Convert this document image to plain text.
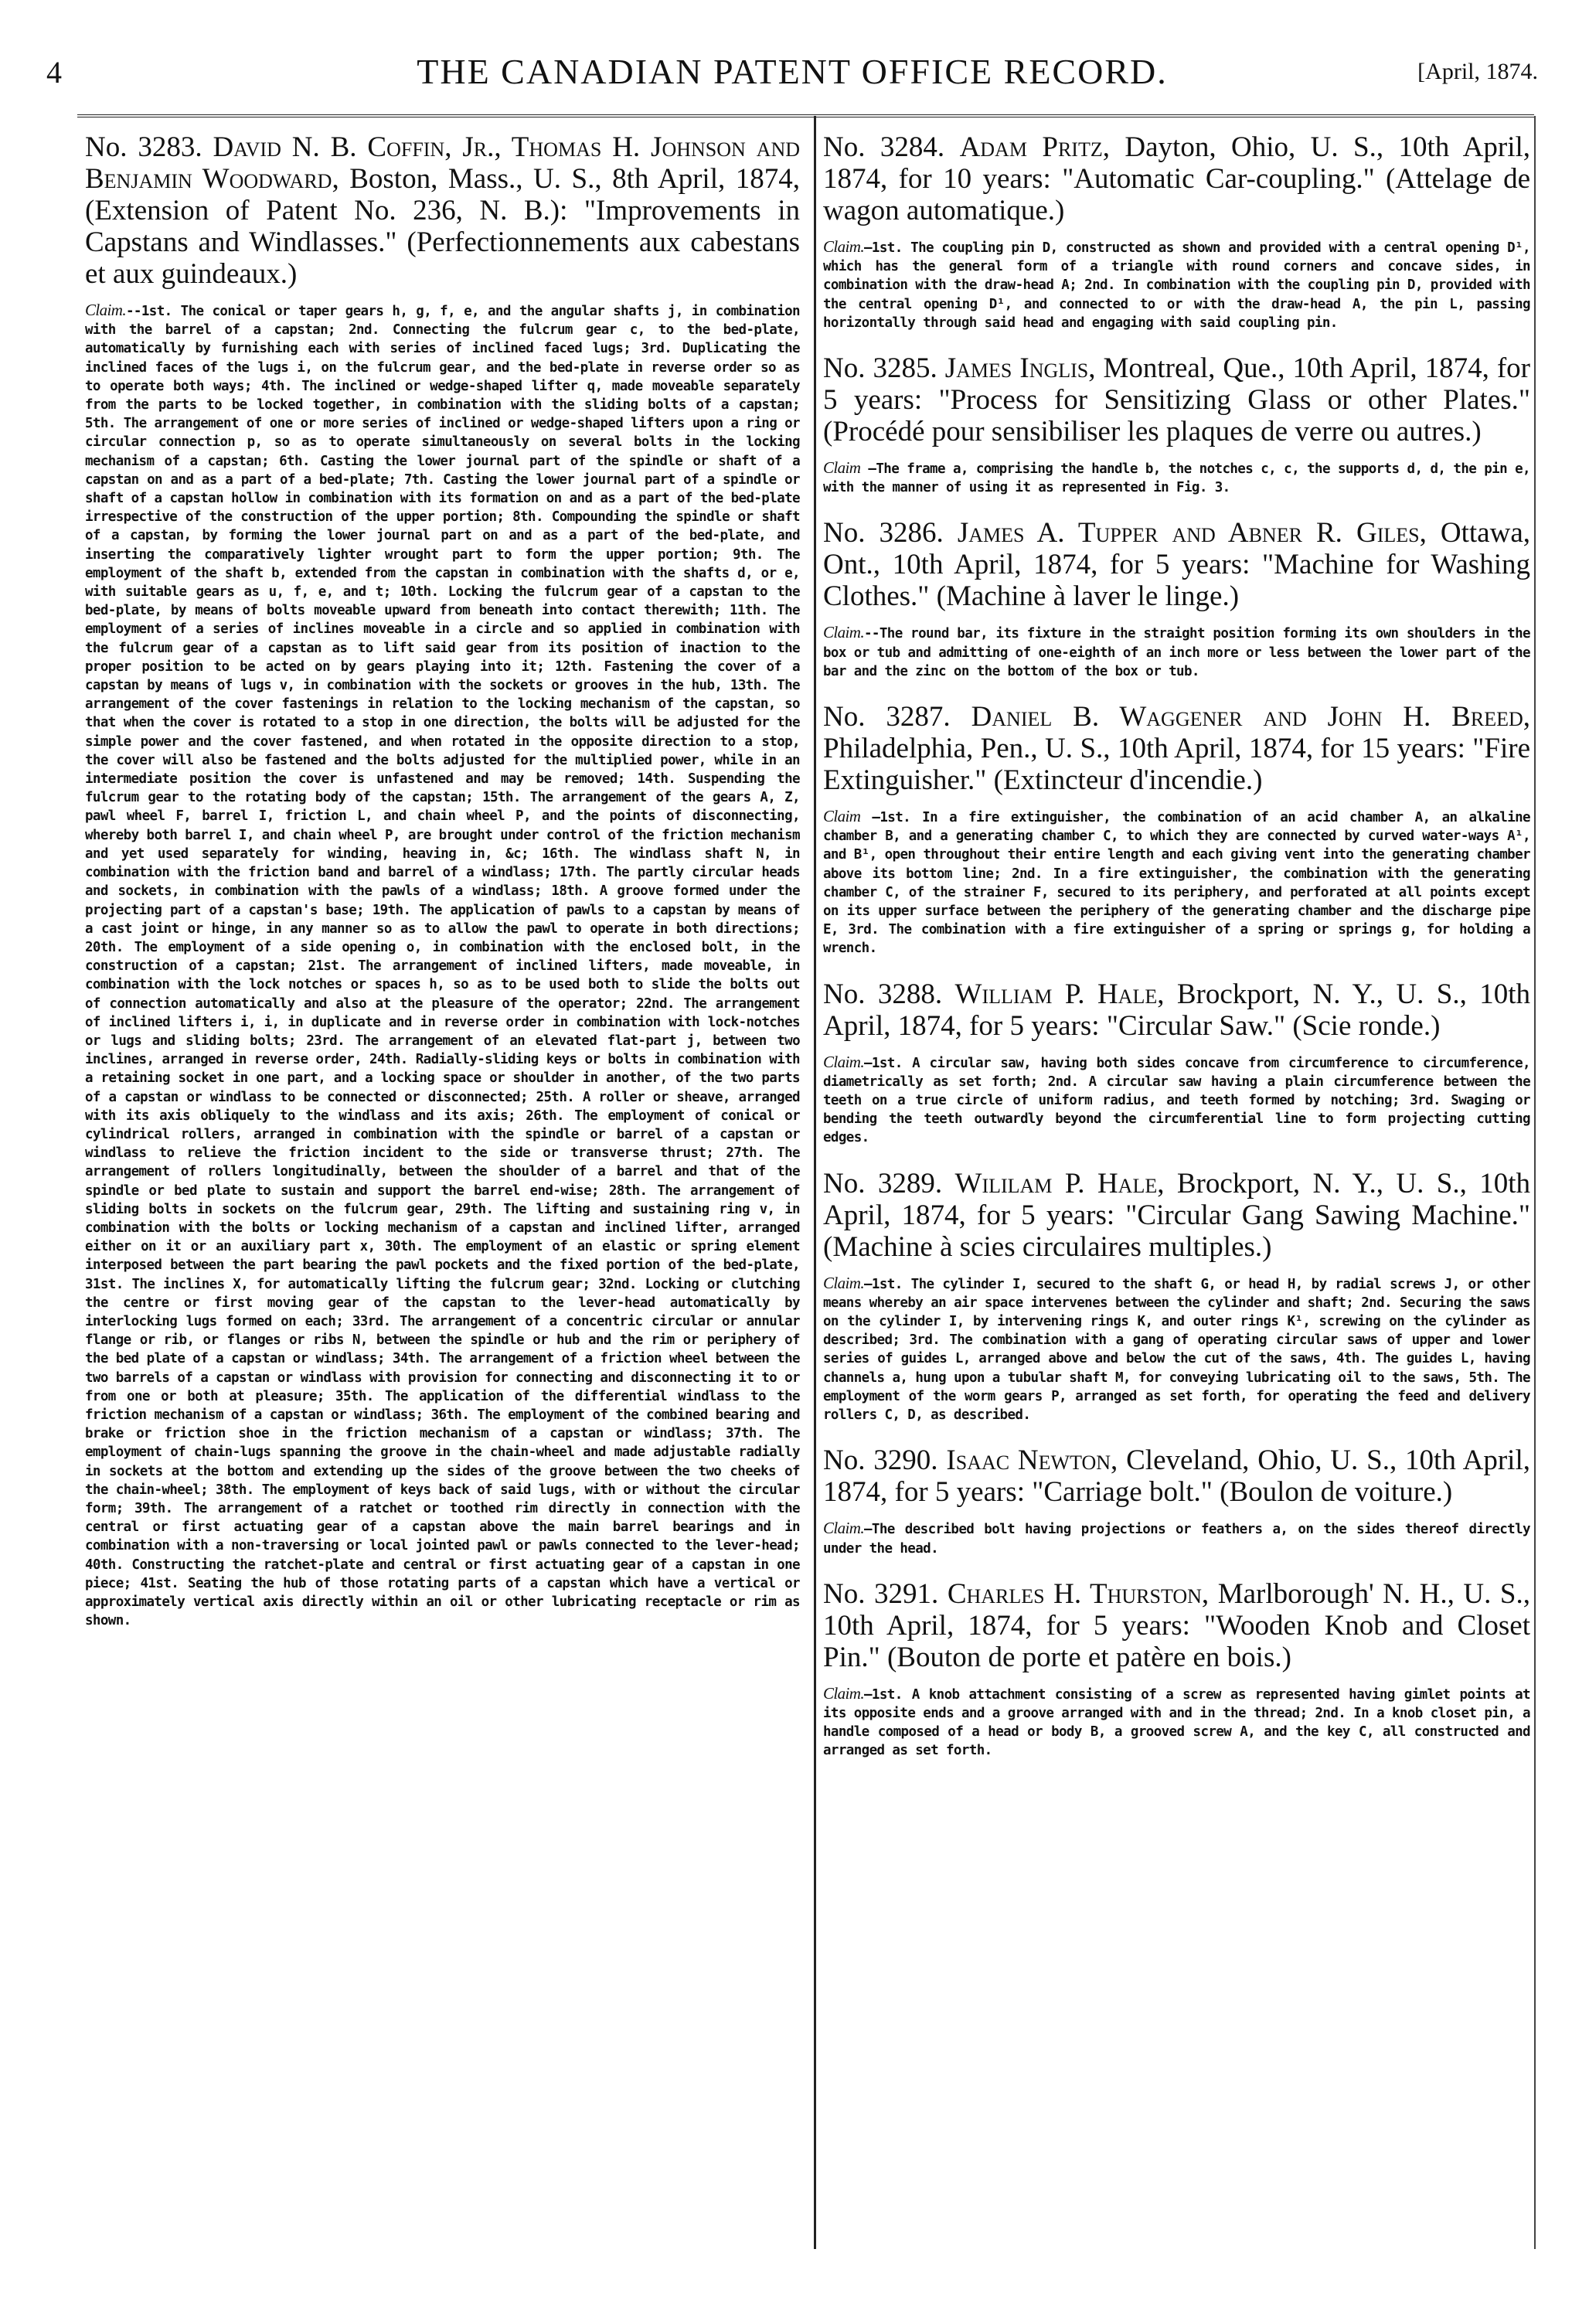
4	THE CANADIAN PATENT OFFICE RECORD.	[April, 1874.

No. 3283. David N. B. Coffin, Jr., Thomas H. Johnson and Benjamin Woodward, Boston, Mass., U. S., 8th April, 1874, (Extension of Patent No. 236, N. B.): "Improvements in Capstans and Windlasses." (Perfectionnements aux cabestans et aux guindeaux.)

Claim.--1st. The conical or taper gears h, g, f, e, and the angular shafts j, in combination with the barrel of a capstan; 2nd. Connecting the fulcrum gear c, to the bed-plate, automatically by furnishing each with series of inclined faced lugs; 3rd. Duplicating the inclined faces of the lugs i, on the fulcrum gear, and the bed-plate in reverse order so as to operate both ways; 4th. The inclined or wedge-shaped lifter q, made moveable separately from the parts to be locked together, in combination with the sliding bolts of a capstan; 5th. The arrangement of one or more series of inclined or wedge-shaped lifters upon a ring or circular connection p, so as to operate simultaneously on several bolts in the locking mechanism of a capstan; 6th. Casting the lower journal part of the spindle or shaft of a capstan on and as a part of a bed-plate; 7th. Casting the lower journal part of a spindle or shaft of a capstan hollow in combination with its formation on and as a part of the bed-plate irrespective of the construction of the upper portion; 8th. Compounding the spindle or shaft of a capstan, by forming the lower journal part on and as a part of the bed-plate, and inserting the comparatively lighter wrought part to form the upper portion; 9th. The employment of the shaft b, extended from the capstan in combination with the shafts d, or e, with suitable gears as u, f, e, and t; 10th. Locking the fulcrum gear of a capstan to the bed-plate, by means of bolts moveable upward from beneath into contact therewith; 11th. The employment of a series of inclines moveable in a circle and so applied in combination with the fulcrum gear of a capstan as to lift said gear from its position of inaction to the proper position to be acted on by gears playing into it; 12th. Fastening the cover of a capstan by means of lugs v, in combination with the sockets or grooves in the hub, 13th. The arrangement of the cover fastenings in relation to the locking mechanism of the capstan, so that when the cover is rotated to a stop in one direction, the bolts will be adjusted for the simple power and the cover fastened, and when rotated in the opposite direction to a stop, the cover will also be fastened and the bolts adjusted for the multiplied power, while in an intermediate position the cover is unfastened and may be removed; 14th. Suspending the fulcrum gear to the rotating body of the capstan; 15th. The arrangement of the gears A, Z, pawl wheel F, barrel I, friction L, and chain wheel P, and the points of disconnecting, whereby both barrel I, and chain wheel P, are brought under control of the friction mechanism and yet used separately for winding, heaving in, &c; 16th. The windlass shaft N, in combination with the friction band and barrel of a windlass; 17th. The partly circular heads and sockets, in combination with the pawls of a windlass; 18th. A groove formed under the projecting part of a capstan's base; 19th. The application of pawls to a capstan by means of a cast joint or hinge, in any manner so as to allow the pawl to operate in both directions; 20th. The employment of a side opening o, in combination with the enclosed bolt, in the construction of a capstan; 21st. The arrangement of inclined lifters, made moveable, in combination with the lock notches or spaces h, so as to be used both to slide the bolts out of connection automatically and also at the pleasure of the operator; 22nd. The arrangement of inclined lifters i, i, in duplicate and in reverse order in combination with lock-notches or lugs and sliding bolts; 23rd. The arrangement of an elevated flat-part j, between two inclines, arranged in reverse order, 24th. Radially-sliding keys or bolts in combination with a retaining socket in one part, and a locking space or shoulder in another, of the two parts of a capstan or windlass to be connected or disconnected; 25th. A roller or sheave, arranged with its axis obliquely to the windlass and its axis; 26th. The employment of conical or cylindrical rollers, arranged in combination with the spindle or barrel of a capstan or windlass to relieve the friction incident to the side or transverse thrust; 27th. The arrangement of rollers longitudinally, between the shoulder of a barrel and that of the spindle or bed plate to sustain and support the barrel end-wise; 28th. The arrangement of sliding bolts in sockets on the fulcrum gear, 29th. The lifting and sustaining ring v, in combination with the bolts or locking mechanism of a capstan and inclined lifter, arranged either on it or an auxiliary part x, 30th. The employment of an elastic or spring element interposed between the part bearing the pawl pockets and the fixed portion of the bed-plate, 31st. The inclines X, for automatically lifting the fulcrum gear; 32nd. Locking or clutching the centre or first moving gear of the capstan to the lever-head automatically by interlocking lugs formed on each; 33rd. The arrangement of a concentric circular or annular flange or rib, or flanges or ribs N, between the spindle or hub and the rim or periphery of the bed plate of a capstan or windlass; 34th. The arrangement of a friction wheel between the two barrels of a capstan or windlass with provision for connecting and disconnecting it to or from one or both at pleasure; 35th. The application of the differential windlass to the friction mechanism of a capstan or windlass; 36th. The employment of the combined bearing and brake or friction shoe in the friction mechanism of a capstan or windlass; 37th. The employment of chain-lugs spanning the groove in the chain-wheel and made adjustable radially in sockets at the bottom and extending up the sides of the groove between the two cheeks of the chain-wheel; 38th. The employment of keys back of said lugs, with or without the circular form; 39th. The arrangement of a ratchet or toothed rim directly in connection with the central or first actuating gear of a capstan above the main barrel bearings and in combination with a non-traversing or local jointed pawl or pawls connected to the lever-head; 40th. Constructing the ratchet-plate and central or first actuating gear of a capstan in one piece; 41st. Seating the hub of those rotating parts of a capstan which have a vertical or approximately vertical axis directly within an oil or other lubricating receptacle or rim as shown.

No. 3284. Adam Pritz, Dayton, Ohio, U. S., 10th April, 1874, for 10 years: "Automatic Car-coupling." (Attelage de wagon automatique.)

Claim.—1st. The coupling pin D, constructed as shown and provided with a central opening D¹, which has the general form of a triangle with round corners and concave sides, in combination with the draw-head A; 2nd. In combination with the coupling pin D, provided with the central opening D¹, and connected to or with the draw-head A, the pin L, passing horizontally through said head and engaging with said coupling pin.

No. 3285. James Inglis, Montreal, Que., 10th April, 1874, for 5 years: "Process for Sensitizing Glass or other Plates." (Procédé pour sensibiliser les plaques de verre ou autres.)

Claim —The frame a, comprising the handle b, the notches c, c, the supports d, d, the pin e, with the manner of using it as represented in Fig. 3.

No. 3286. James A. Tupper and Abner R. Giles, Ottawa, Ont., 10th April, 1874, for 5 years: "Machine for Washing Clothes." (Machine à laver le linge.)

Claim.--The round bar, its fixture in the straight position forming its own shoulders in the box or tub and admitting of one-eighth of an inch more or less between the lower part of the bar and the zinc on the bottom of the box or tub.

No. 3287. Daniel B. Waggener and John H. Breed, Philadelphia, Pen., U. S., 10th April, 1874, for 15 years: "Fire Extinguisher." (Extincteur d'incendie.)

Claim —1st. In a fire extinguisher, the combination of an acid chamber A, an alkaline chamber B, and a generating chamber C, to which they are connected by curved water-ways A¹, and B¹, open throughout their entire length and each giving vent into the generating chamber above its bottom line; 2nd. In a fire extinguisher, the combination with the generating chamber C, of the strainer F, secured to its periphery, and perforated at all points except on its upper surface between the periphery of the generating chamber and the discharge pipe E, 3rd. The combination with a fire extinguisher of a spring or springs g, for holding a wrench.

No. 3288. William P. Hale, Brockport, N. Y., U. S., 10th April, 1874, for 5 years: "Circular Saw." (Scie ronde.)

Claim.—1st. A circular saw, having both sides concave from circumference to circumference, diametrically as set forth; 2nd. A circular saw having a plain circumference between the teeth on a true circle of uniform radius, and teeth formed by notching; 3rd. Swaging or bending the teeth outwardly beyond the circumferential line to form projecting cutting edges.

No. 3289. Wililam P. Hale, Brockport, N. Y., U. S., 10th April, 1874, for 5 years: "Circular Gang Sawing Machine." (Machine à scies circulaires multiples.)

Claim.—1st. The cylinder I, secured to the shaft G, or head H, by radial screws J, or other means whereby an air space intervenes between the cylinder and shaft; 2nd. Securing the saws on the cylinder I, by intervening rings K, and outer rings K¹, screwing on the cylinder as described; 3rd. The combination with a gang of operating circular saws of upper and lower series of guides L, arranged above and below the cut of the saws, 4th. The guides L, having channels a, hung upon a tubular shaft M, for conveying lubricating oil to the saws, 5th. The employment of the worm gears P, arranged as set forth, for operating the feed and delivery rollers C, D, as described.

No. 3290. Isaac Newton, Cleveland, Ohio, U. S., 10th April, 1874, for 5 years: "Carriage bolt." (Boulon de voiture.)

Claim.—The described bolt having projections or feathers a, on the sides thereof directly under the head.

No. 3291. Charles H. Thurston, Marlborough' N. H., U. S., 10th April, 1874, for 5 years: "Wooden Knob and Closet Pin." (Bouton de porte et patère en bois.)

Claim.—1st. A knob attachment consisting of a screw as represented having gimlet points at its opposite ends and a groove arranged with and in the thread; 2nd. In a knob closet pin, a handle composed of a head or body B, a grooved screw A, and the key C, all constructed and arranged as set forth.
